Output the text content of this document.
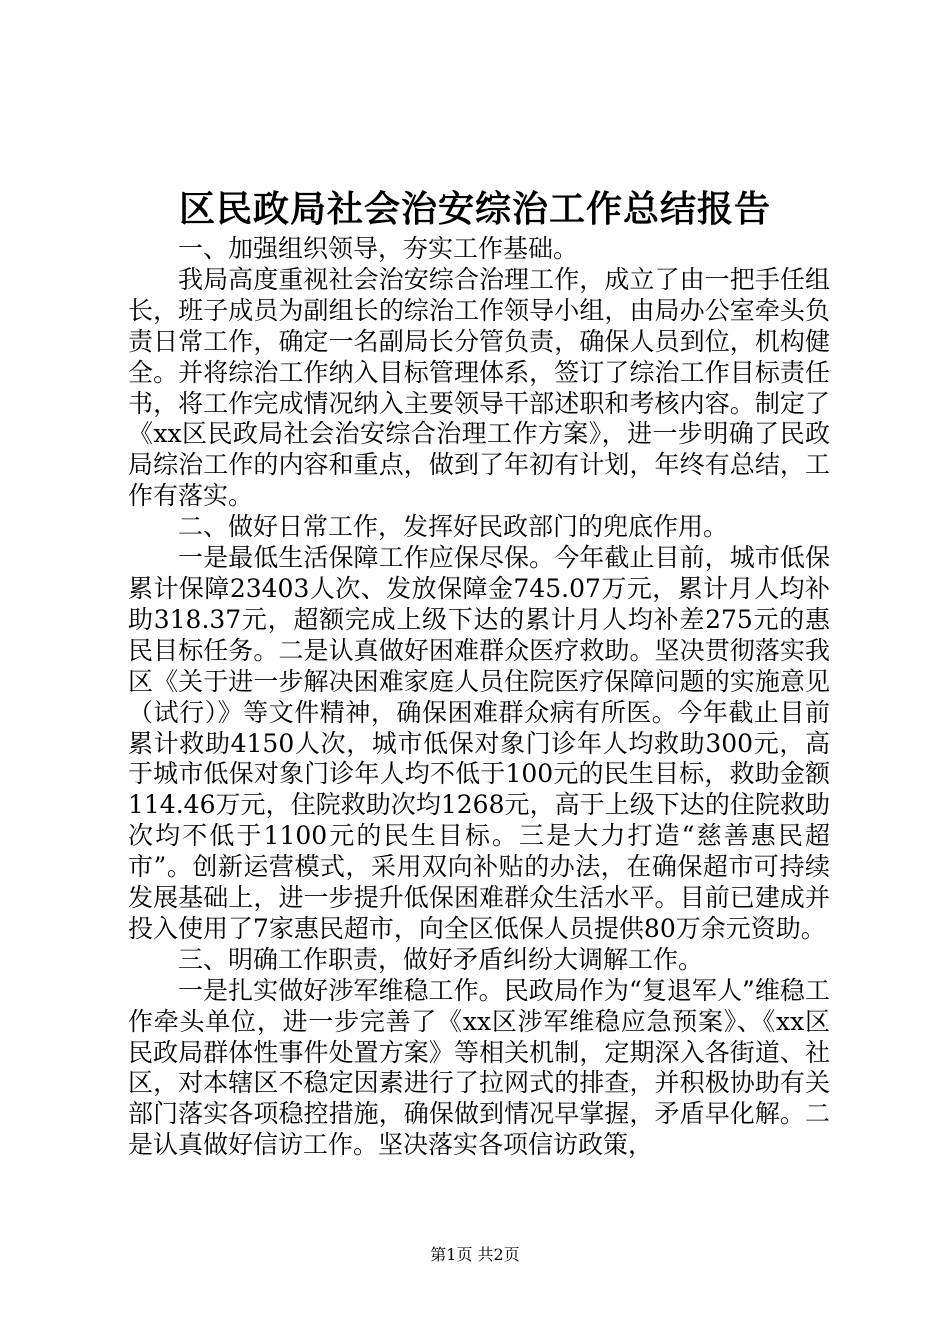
区民政局社会治安综治工作总结报告

一、加强组织领导，夯实工作基础。

我局高度重视社会治安综合治理工作，成立了由一把手任组长，班子成员为副组长的综治工作领导小组，由局办公室牵头负责日常工作，确定一名副局长分管负责，确保人员到位，机构健全。并将综治工作纳入目标管理体系，签订了综治工作目标责任书，将工作完成情况纳入主要领导干部述职和考核内容。制定了《xx区民政局社会治安综合治理工作方案》，进一步明确了民政局综治工作的内容和重点，做到了年初有计划，年终有总结，工作有落实。

二、做好日常工作，发挥好民政部门的兜底作用。

一是最低生活保障工作应保尽保。今年截止目前，城市低保累计保障23403人次、发放保障金745.07万元，累计月人均补助318.37元，超额完成上级下达的累计月人均补差275元的惠民目标任务。二是认真做好困难群众医疗救助。坚决贯彻落实我区《关于进一步解决困难家庭人员住院医疗保障问题的实施意见（试行）》等文件精神，确保困难群众病有所医。今年截止目前累计救助4150人次，城市低保对象门诊年人均救助300元，高于城市低保对象门诊年人均不低于100元的民生目标，救助金额114.46万元，住院救助次均1268元，高于上级下达的住院救助次均不低于1100元的民生目标。三是大力打造“慈善惠民超市”。创新运营模式，采用双向补贴的办法，在确保超市可持续发展基础上，进一步提升低保困难群众生活水平。目前已建成并投入使用了7家惠民超市，向全区低保人员提供80万余元资助。

三、明确工作职责，做好矛盾纠纷大调解工作。

一是扎实做好涉军维稳工作。民政局作为“复退军人”维稳工作牵头单位，进一步完善了《xx区涉军维稳应急预案》、《xx区民政局群体性事件处置方案》等相关机制，定期深入各街道、社区，对本辖区不稳定因素进行了拉网式的排查，并积极协助有关部门落实各项稳控措施，确保做到情况早掌握，矛盾早化解。二是认真做好信访工作。坚决落实各项信访政策，

第1页 共2页
